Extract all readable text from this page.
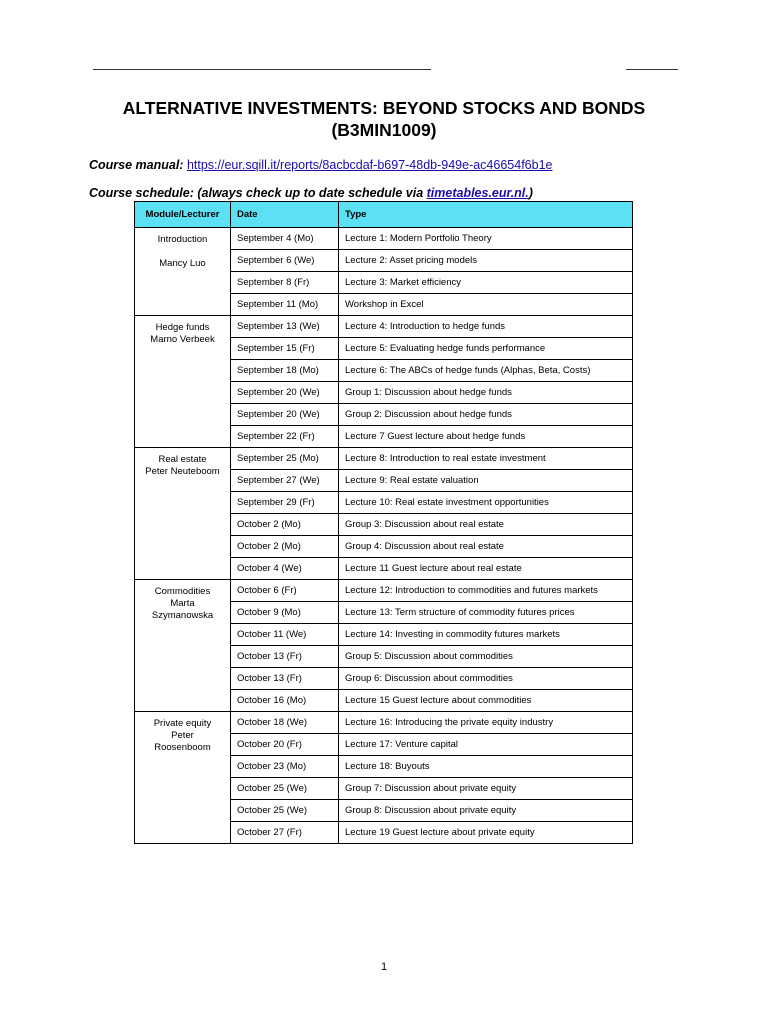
ALTERNATIVE INVESTMENTS: BEYOND STOCKS AND BONDS
(B3MIN1009)
Course manual: https://eur.sqill.it/reports/8acbcdaf-b697-48db-949e-ac46654f6b1e
Course schedule: (always check up to date schedule via timetables.eur.nl.)
Module/Lecturer	Date	Type

Introduction

Mancy Luo	September 4 (Mo)	Lecture 1: Modern Portfolio Theory
	September 6 (We)	Lecture 2: Asset pricing models
	September 8 (Fr)	Lecture 3: Market efficiency
	September 11 (Mo)	Workshop in Excel

Hedge funds
Marno Verbeek	September 13 (We)	Lecture 4: Introduction to hedge funds
	September 15 (Fr)	Lecture 5: Evaluating hedge funds performance
	September 18 (Mo)	Lecture 6: The ABCs of hedge funds (Alphas, Beta, Costs)
	September 20 (We)	Group 1: Discussion about hedge funds
	September 20 (We)	Group 2: Discussion about hedge funds
	September 22 (Fr)	Lecture 7 Guest lecture about hedge funds

Real estate
Peter Neuteboom	September 25 (Mo)	Lecture 8: Introduction to real estate investment
	September 27 (We)	Lecture 9: Real estate valuation
	September 29 (Fr)	Lecture 10: Real estate investment opportunities
	October 2 (Mo)	Group 3: Discussion about real estate
	October 2 (Mo)	Group 4: Discussion about real estate
	October 4 (We)	Lecture 11 Guest lecture about real estate

Commodities
Marta
Szymanowska	October 6 (Fr)	Lecture 12: Introduction to commodities and futures markets
	October 9 (Mo)	Lecture 13: Term structure of commodity futures prices
	October 11 (We)	Lecture 14: Investing in commodity futures markets
	October 13 (Fr)	Group 5: Discussion about commodities
	October 13 (Fr)	Group 6: Discussion about commodities
	October 16 (Mo)	Lecture 15 Guest lecture about commodities

Private equity
Peter
Roosenboom	October 18 (We)	Lecture 16: Introducing the private equity industry
	October 20 (Fr)	Lecture 17: Venture capital
	October 23 (Mo)	Lecture 18: Buyouts
	October 25 (We)	Group 7: Discussion about private equity
	October 25 (We)	Group 8: Discussion about private equity
	October 27 (Fr)	Lecture 19 Guest lecture about private equity
1
